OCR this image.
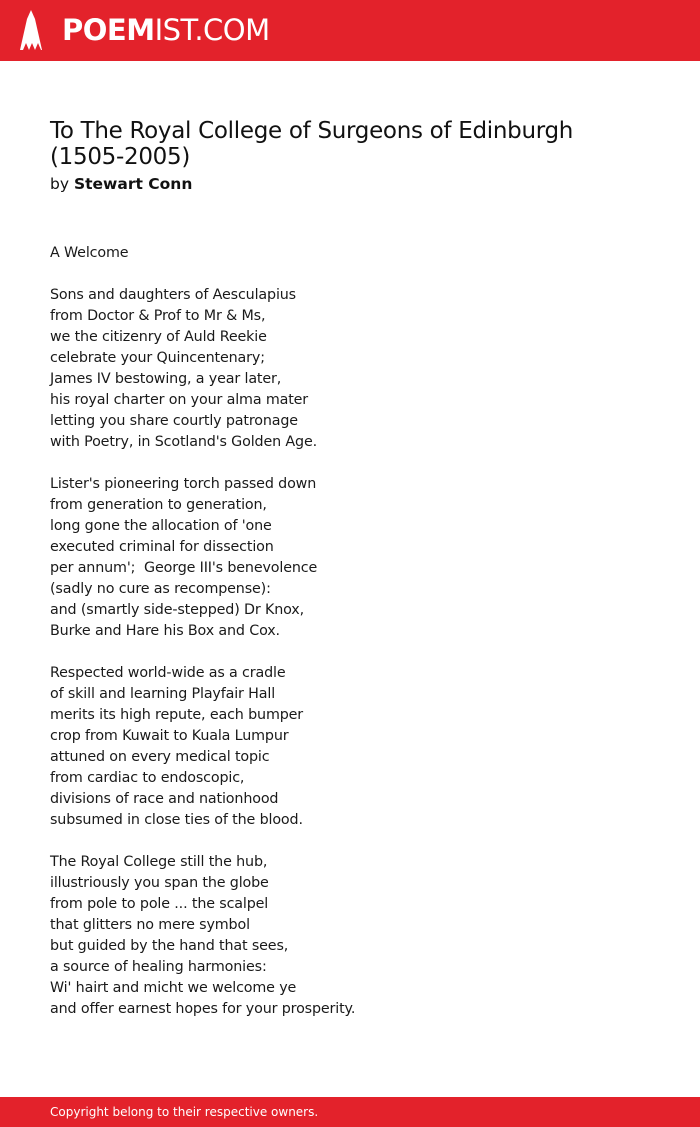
POEMIST.COM
To The Royal College of Surgeons of Edinburgh
(1505-2005)
by Stewart Conn
A Welcome
Sons and daughters of Aesculapius
from Doctor & Prof to Mr & Ms,
we the citizenry of Auld Reekie
celebrate your Quincentenary;
James IV bestowing, a year later,
his royal charter on your alma mater
letting you share courtly patronage
with Poetry, in Scotland's Golden Age.
Lister's pioneering torch passed down
from generation to generation,
long gone the allocation of 'one
executed criminal for dissection
per annum';  George III's benevolence
(sadly no cure as recompense):
and (smartly side-stepped) Dr Knox,
Burke and Hare his Box and Cox.
Respected world-wide as a cradle
of skill and learning Playfair Hall
merits its high repute, each bumper
crop from Kuwait to Kuala Lumpur
attuned on every medical topic
from cardiac to endoscopic,
divisions of race and nationhood
subsumed in close ties of the blood.
The Royal College still the hub,
illustriously you span the globe
from pole to pole ... the scalpel
that glitters no mere symbol
but guided by the hand that sees,
a source of healing harmonies:
Wi' hairt and micht we welcome ye
and offer earnest hopes for your prosperity.
Copyright belong to their respective owners.
